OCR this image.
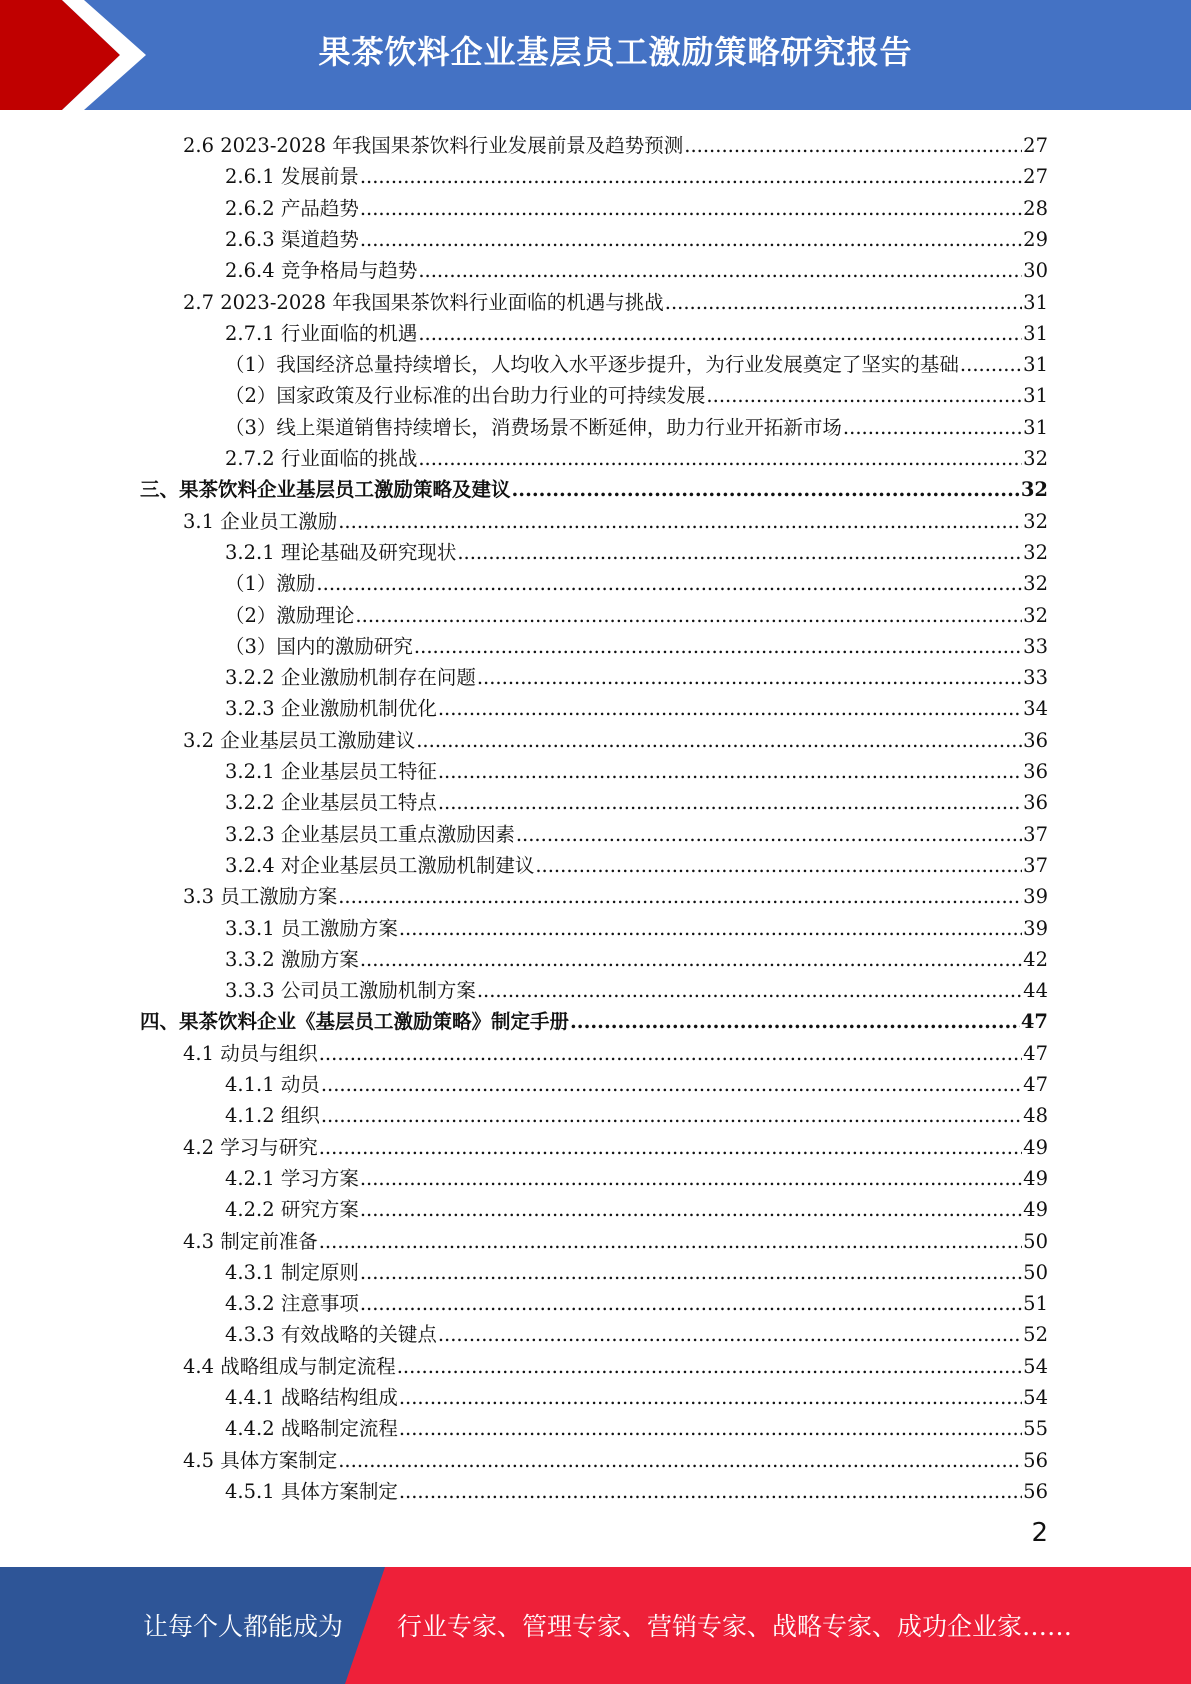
果茶饮料企业基层员工激励策略研究报告
2.6 2023-2028 年我国果茶饮料行业发展前景及趋势预测 .....	27
2.6.1 发展前景 .....	27
2.6.2 产品趋势 .....	28
2.6.3 渠道趋势 .....	29
2.6.4 竞争格局与趋势 .....	30
2.7 2023-2028 年我国果茶饮料行业面临的机遇与挑战 .....	31
2.7.1 行业面临的机遇 .....	31
（1）我国经济总量持续增长，人均收入水平逐步提升，为行业发展奠定了坚实的基础 .....	31
（2）国家政策及行业标准的出台助力行业的可持续发展 .....	31
（3）线上渠道销售持续增长，消费场景不断延伸，助力行业开拓新市场 .....	31
2.7.2 行业面临的挑战 .....	32
三、果茶饮料企业基层员工激励策略及建议 .....	32
3.1 企业员工激励 .....	32
3.2.1 理论基础及研究现状 .....	32
（1）激励 .....	32
（2）激励理论 .....	32
（3）国内的激励研究 .....	33
3.2.2 企业激励机制存在问题 .....	33
3.2.3 企业激励机制优化 .....	34
3.2 企业基层员工激励建议 .....	36
3.2.1 企业基层员工特征 .....	36
3.2.2 企业基层员工特点 .....	36
3.2.3 企业基层员工重点激励因素 .....	37
3.2.4 对企业基层员工激励机制建议 .....	37
3.3 员工激励方案 .....	39
3.3.1 员工激励方案 .....	39
3.3.2 激励方案 .....	42
3.3.3 公司员工激励机制方案 .....	44
四、果茶饮料企业《基层员工激励策略》制定手册 .....	47
4.1 动员与组织 .....	47
4.1.1 动员 .....	47
4.1.2 组织 .....	48
4.2 学习与研究 .....	49
4.2.1 学习方案 .....	49
4.2.2 研究方案 .....	49
4.3 制定前准备 .....	50
4.3.1 制定原则 .....	50
4.3.2 注意事项 .....	51
4.3.3 有效战略的关键点 .....	52
4.4 战略组成与制定流程 .....	54
4.4.1 战略结构组成 .....	54
4.4.2 战略制定流程 .....	55
4.5 具体方案制定 .....	56
4.5.1 具体方案制定 .....	56
2
让每个人都能成为 行业专家、管理专家、营销专家、战略专家、成功企业家……
